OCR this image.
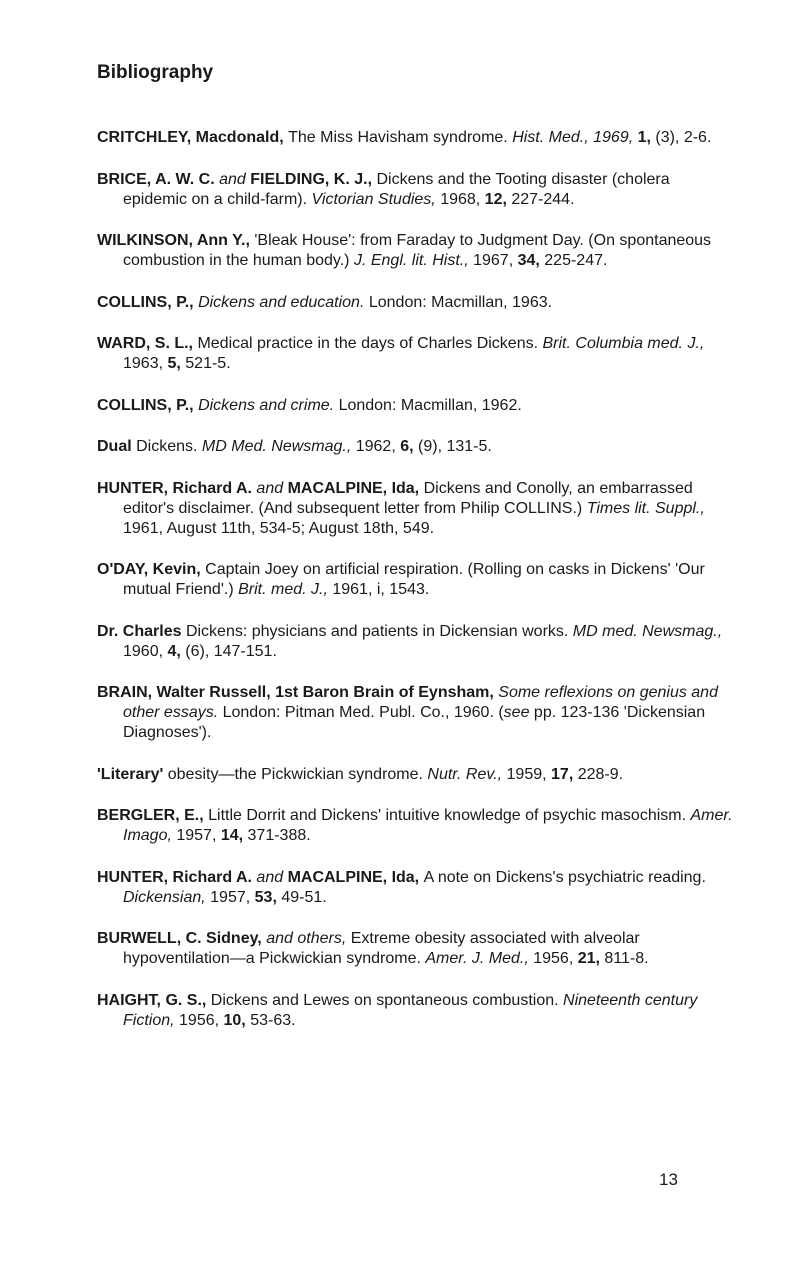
Bibliography

CRITCHLEY, Macdonald, The Miss Havisham syndrome. Hist. Med., 1969, 1, (3), 2-6.

BRICE, A. W. C. and FIELDING, K. J., Dickens and the Tooting disaster (cholera epidemic on a child-farm). Victorian Studies, 1968, 12, 227-244.

WILKINSON, Ann Y., 'Bleak House': from Faraday to Judgment Day. (On spontaneous combustion in the human body.) J. Engl. lit. Hist., 1967, 34, 225-247.

COLLINS, P., Dickens and education. London: Macmillan, 1963.

WARD, S. L., Medical practice in the days of Charles Dickens. Brit. Columbia med. J., 1963, 5, 521-5.

COLLINS, P., Dickens and crime. London: Macmillan, 1962.

Dual Dickens. MD Med. Newsmag., 1962, 6, (9), 131-5.

HUNTER, Richard A. and MACALPINE, Ida, Dickens and Conolly, an embarrassed editor's disclaimer. (And subsequent letter from Philip COLLINS.) Times lit. Suppl., 1961, August 11th, 534-5; August 18th, 549.

O'DAY, Kevin, Captain Joey on artificial respiration. (Rolling on casks in Dickens' 'Our mutual Friend'.) Brit. med. J., 1961, i, 1543.

Dr. Charles Dickens: physicians and patients in Dickensian works. MD med. Newsmag., 1960, 4, (6), 147-151.

BRAIN, Walter Russell, 1st Baron Brain of Eynsham, Some reflexions on genius and other essays. London: Pitman Med. Publ. Co., 1960. (see pp. 123-136 'Dickensian Diagnoses').

'Literary' obesity—the Pickwickian syndrome. Nutr. Rev., 1959, 17, 228-9.

BERGLER, E., Little Dorrit and Dickens' intuitive knowledge of psychic masochism. Amer. Imago, 1957, 14, 371-388.

HUNTER, Richard A. and MACALPINE, Ida, A note on Dickens's psychiatric reading. Dickensian, 1957, 53, 49-51.

BURWELL, C. Sidney, and others, Extreme obesity associated with alveolar hypoventilation—a Pickwickian syndrome. Amer. J. Med., 1956, 21, 811-8.

HAIGHT, G. S., Dickens and Lewes on spontaneous combustion. Nineteenth century Fiction, 1956, 10, 53-63.

13
